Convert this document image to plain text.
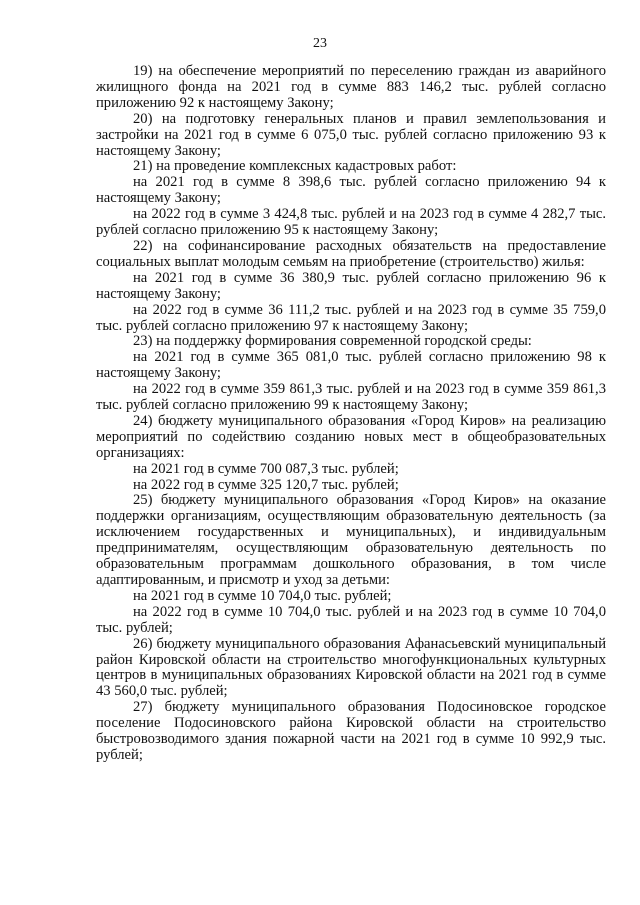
23

19) на обеспечение мероприятий по переселению граждан из аварийного жилищного фонда на 2021 год в сумме 883 146,2 тыс. рублей согласно приложению 92 к настоящему Закону;

20) на подготовку генеральных планов и правил землепользования и застройки на 2021 год в сумме 6 075,0 тыс. рублей согласно приложению 93 к настоящему Закону;

21) на проведение комплексных кадастровых работ:

на 2021 год в сумме 8 398,6 тыс. рублей согласно приложению 94 к настоящему Закону;

на 2022 год в сумме 3 424,8 тыс. рублей и на 2023 год в сумме 4 282,7 тыс. рублей согласно приложению 95 к настоящему Закону;

22) на софинансирование расходных обязательств на предоставление социальных выплат молодым семьям на приобретение (строительство) жилья:

на 2021 год в сумме 36 380,9 тыс. рублей согласно приложению 96 к настоящему Закону;

на 2022 год в сумме 36 111,2 тыс. рублей и на 2023 год в сумме 35 759,0 тыс. рублей согласно приложению 97 к настоящему Закону;

23) на поддержку формирования современной городской среды:

на 2021 год в сумме 365 081,0 тыс. рублей согласно приложению 98 к настоящему Закону;

на 2022 год в сумме 359 861,3 тыс. рублей и на 2023 год в сумме 359 861,3 тыс. рублей согласно приложению 99 к настоящему Закону;

24) бюджету муниципального образования «Город Киров» на реализацию мероприятий по содействию созданию новых мест в общеобразовательных организациях:

на 2021 год в сумме 700 087,3 тыс. рублей;

на 2022 год в сумме 325 120,7 тыс. рублей;

25) бюджету муниципального образования «Город Киров» на оказание поддержки организациям, осуществляющим образовательную деятельность (за исключением государственных и муниципальных), и индивидуальным предпринимателям, осуществляющим образовательную деятельность по образовательным программам дошкольного образования, в том числе адаптированным, и присмотр и уход за детьми:

на 2021 год в сумме 10 704,0 тыс. рублей;

на 2022 год в сумме 10 704,0 тыс. рублей и на 2023 год в сумме 10 704,0 тыс. рублей;

26) бюджету муниципального образования Афанасьевский муниципальный район Кировской области на строительство многофункциональных культурных центров в муниципальных образованиях Кировской области на 2021 год в сумме 43 560,0 тыс. рублей;

27) бюджету муниципального образования Подосиновское городское поселение Подосиновского района Кировской области на строительство быстровозводимого здания пожарной части на 2021 год в сумме 10 992,9 тыс. рублей;
